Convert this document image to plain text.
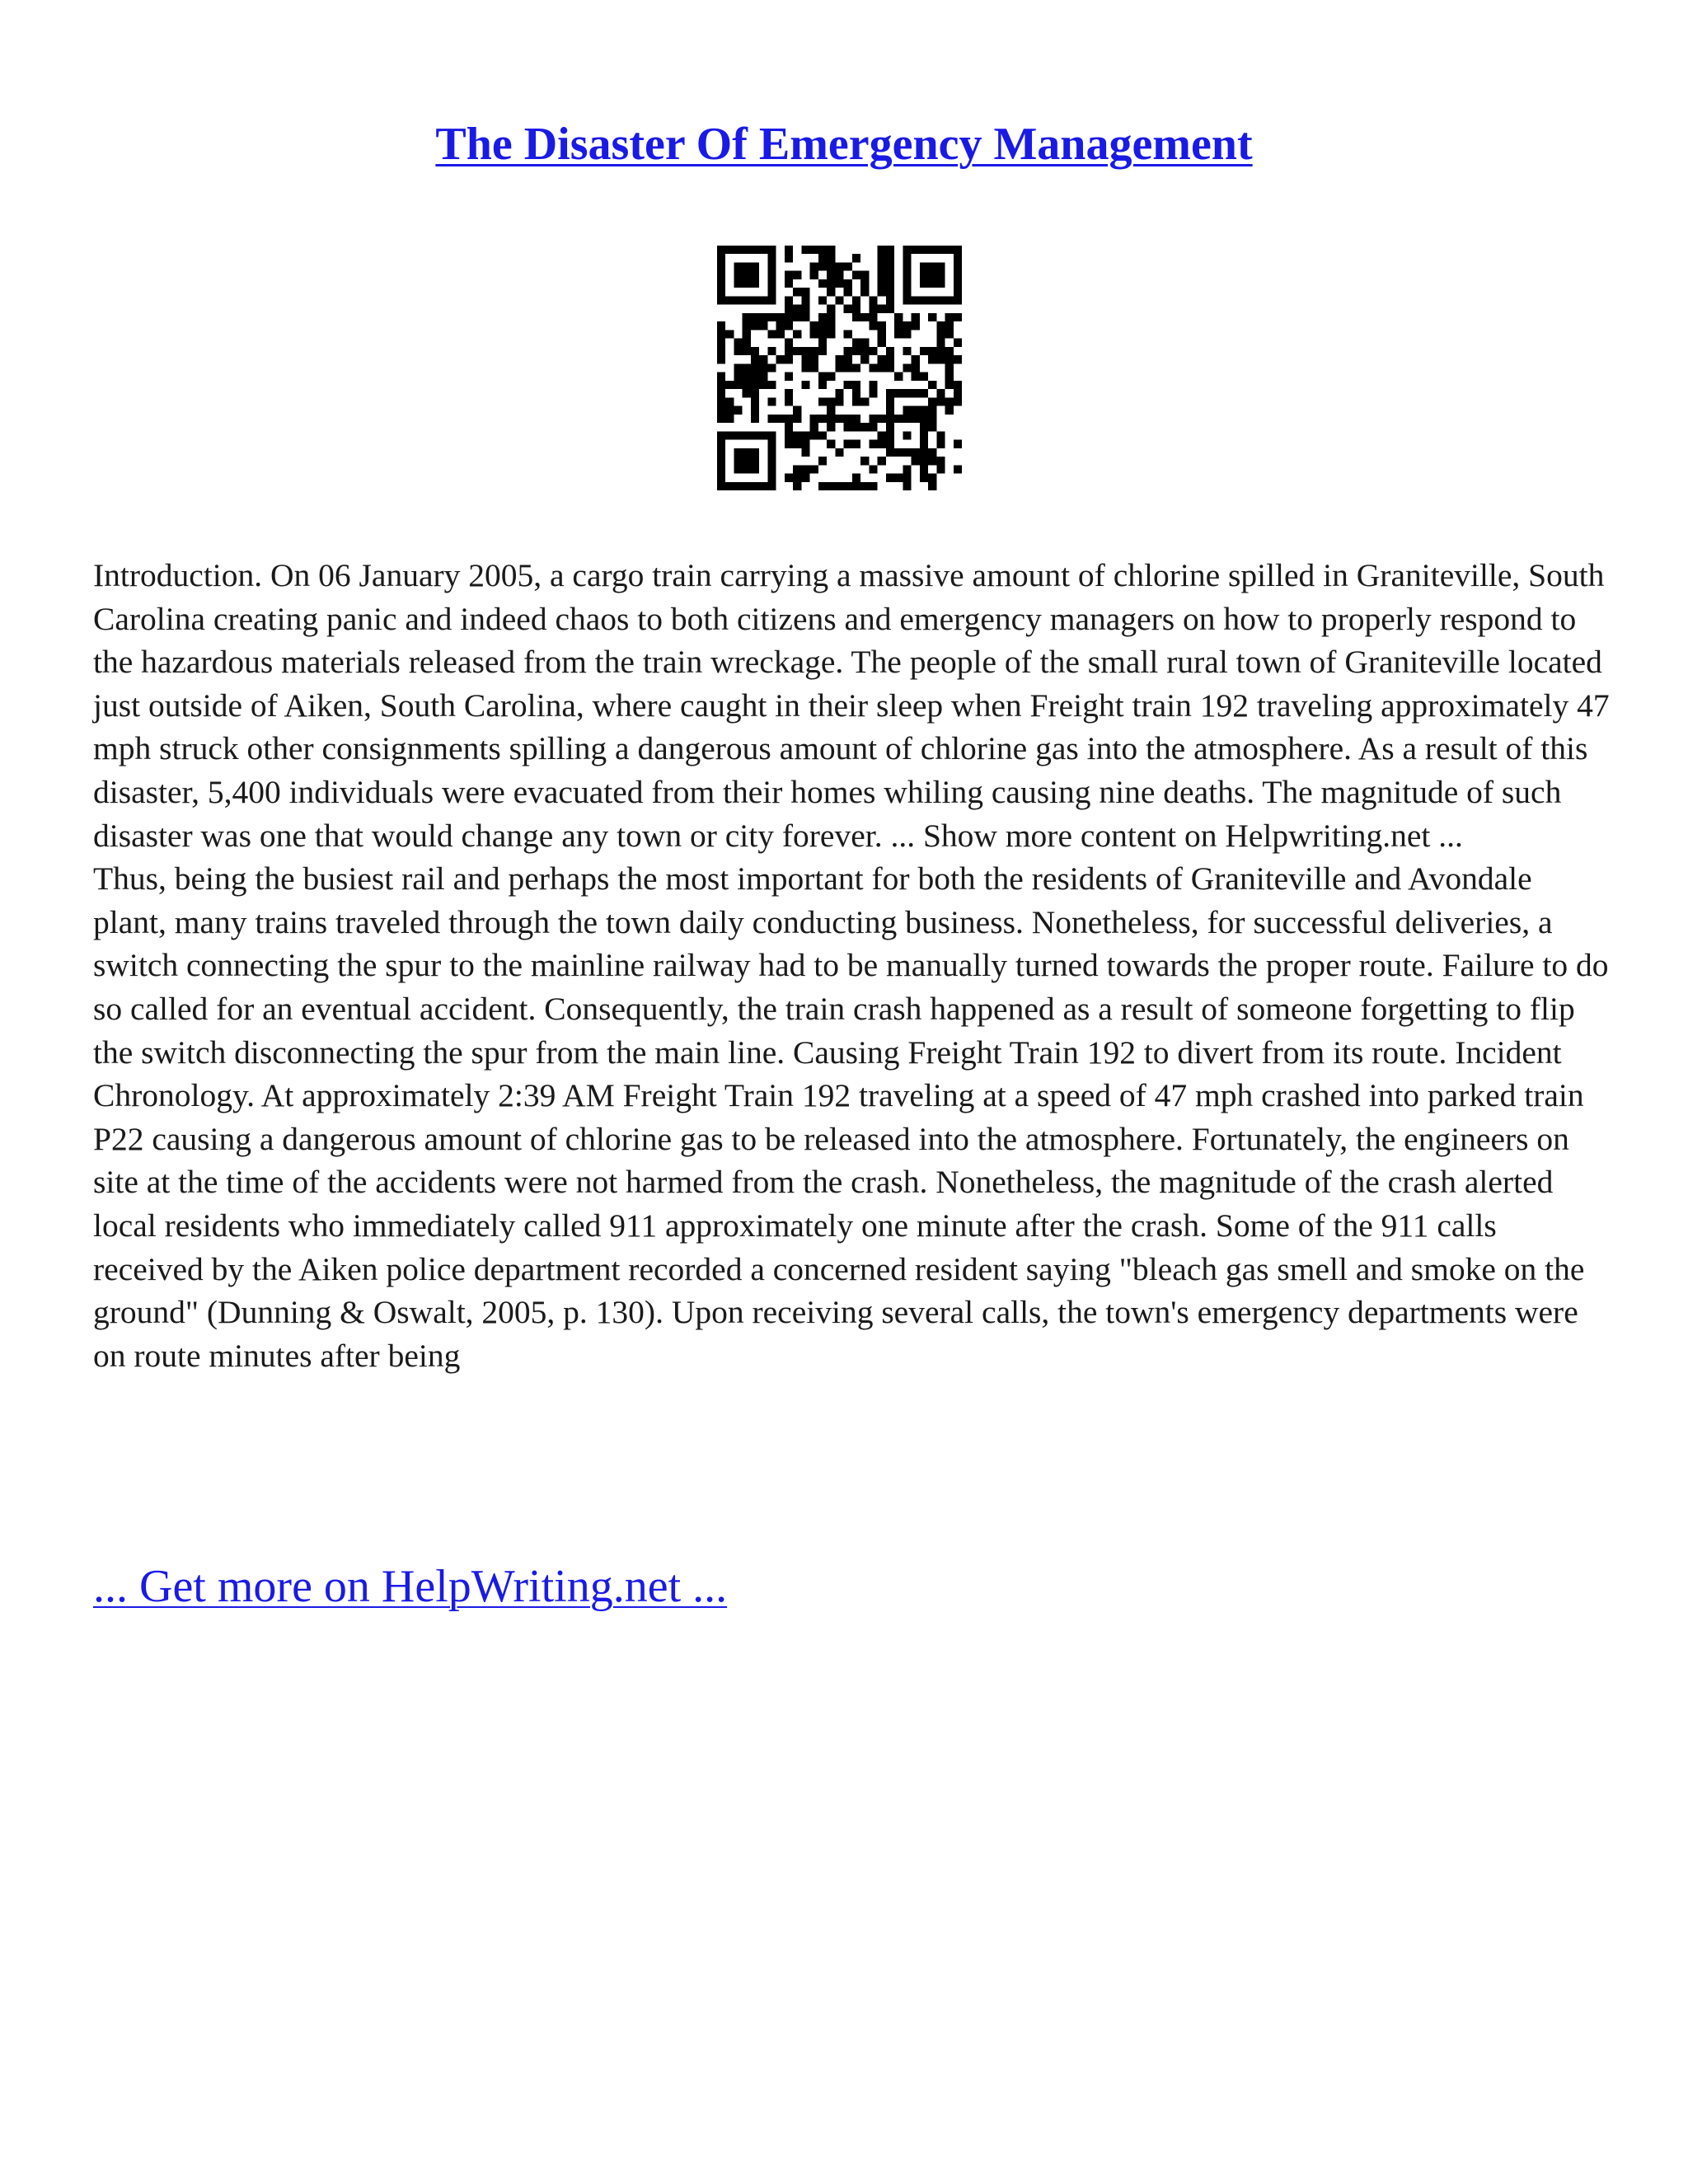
The Disaster Of Emergency Management

Introduction. On 06 January 2005, a cargo train carrying a massive amount of chlorine spilled in Graniteville, South Carolina creating panic and indeed chaos to both citizens and emergency managers on how to properly respond to the hazardous materials released from the train wreckage. The people of the small rural town of Graniteville located just outside of Aiken, South Carolina, where caught in their sleep when Freight train 192 traveling approximately 47 mph struck other consignments spilling a dangerous amount of chlorine gas into the atmosphere. As a result of this disaster, 5,400 individuals were evacuated from their homes whiling causing nine deaths. The magnitude of such disaster was one that would change any town or city forever. ... Show more content on Helpwriting.net ...

Thus, being the busiest rail and perhaps the most important for both the residents of Graniteville and Avondale plant, many trains traveled through the town daily conducting business. Nonetheless, for successful deliveries, a switch connecting the spur to the mainline railway had to be manually turned towards the proper route. Failure to do so called for an eventual accident. Consequently, the train crash happened as a result of someone forgetting to flip the switch disconnecting the spur from the main line. Causing Freight Train 192 to divert from its route. Incident Chronology. At approximately 2:39 AM Freight Train 192 traveling at a speed of 47 mph crashed into parked train P22 causing a dangerous amount of chlorine gas to be released into the atmosphere. Fortunately, the engineers on site at the time of the accidents were not harmed from the crash. Nonetheless, the magnitude of the crash alerted local residents who immediately called 911 approximately one minute after the crash. Some of the 911 calls received by the Aiken police department recorded a concerned resident saying "bleach gas smell and smoke on the ground" (Dunning & Oswalt, 2005, p. 130). Upon receiving several calls, the town's emergency departments were on route minutes after being

... Get more on HelpWriting.net ...
